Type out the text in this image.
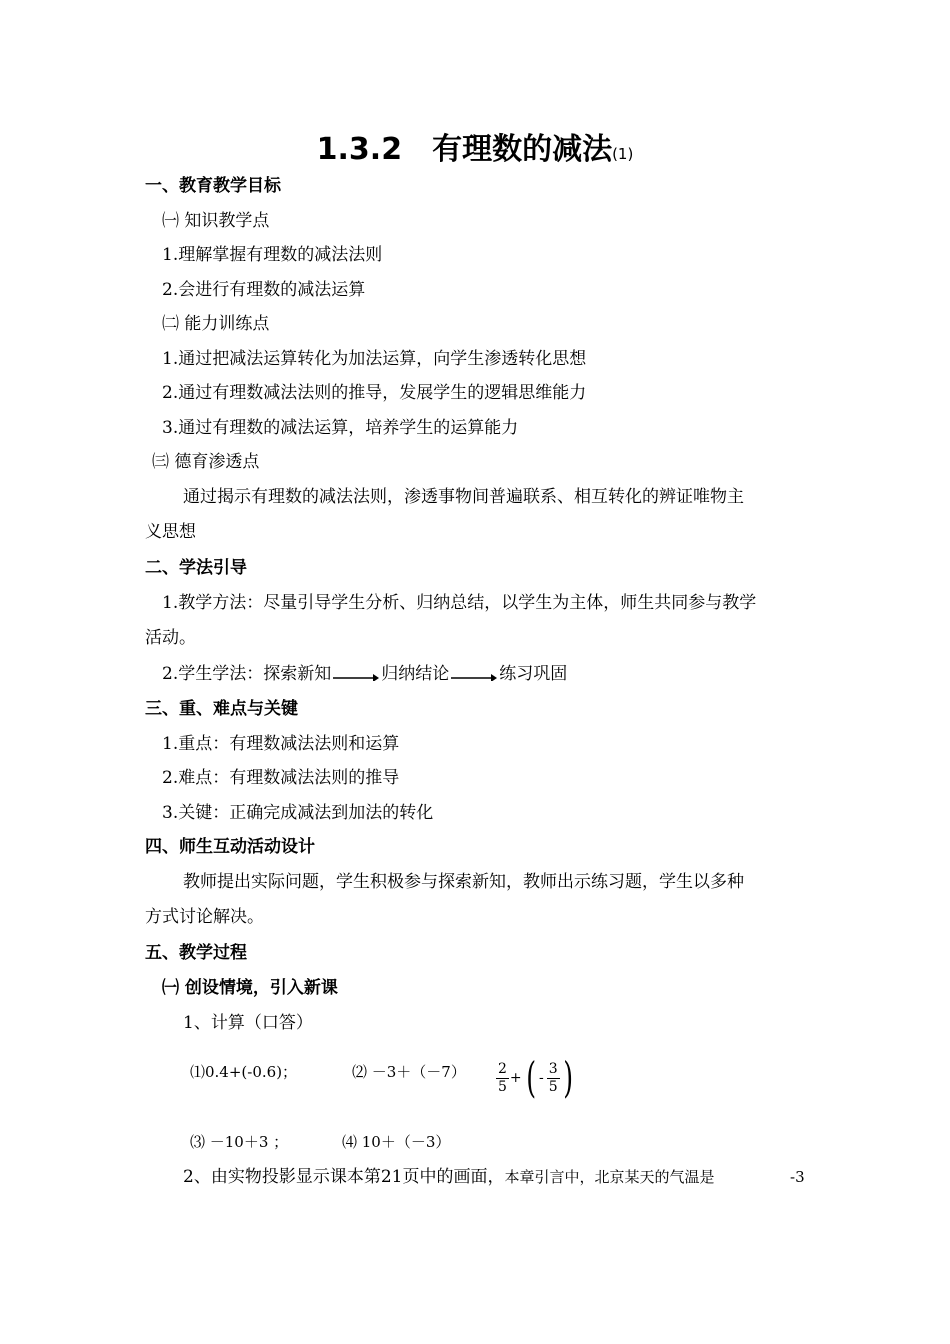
1.3.2　有理数的减法(1)
一、教育教学目标
㈠ 知识教学点
1.理解掌握有理数的减法法则
2.会进行有理数的减法运算
㈡ 能力训练点
1.通过把减法运算转化为加法运算，向学生渗透转化思想
2.通过有理数减法法则的推导，发展学生的逻辑思维能力
3.通过有理数的减法运算，培养学生的运算能力
㈢ 德育渗透点
通过揭示有理数的减法法则，渗透事物间普遍联系、相互转化的辨证唯物主
义思想
二、学法引导
1.教学方法：尽量引导学生分析、归纳总结，以学生为主体，师生共同参与教学
活动。
2.学生学法：探索新知	归纳结论	练习巩固
三、重、难点与关键
1.重点：有理数减法法则和运算
2.难点：有理数减法法则的推导
3.关键：正确完成减法到加法的转化
四、师生互动活动设计
教师提出实际问题，学生积极参与探索新知，教师出示练习题，学生以多种
方式讨论解决。
五、教学过程
㈠ 创设情境，引入新课
1、计算（口答）
⑴0.4+(-0.6)；	⑵ $-3+(-7) \frac{2}{5}$ + ( - $\frac{3}{5}$ )
⑶ －10＋3 ；	⑷ 10＋（－3）
2、由实物投影显示课本第21页中的画面，本章引言中，北京某天的气温是	-3
